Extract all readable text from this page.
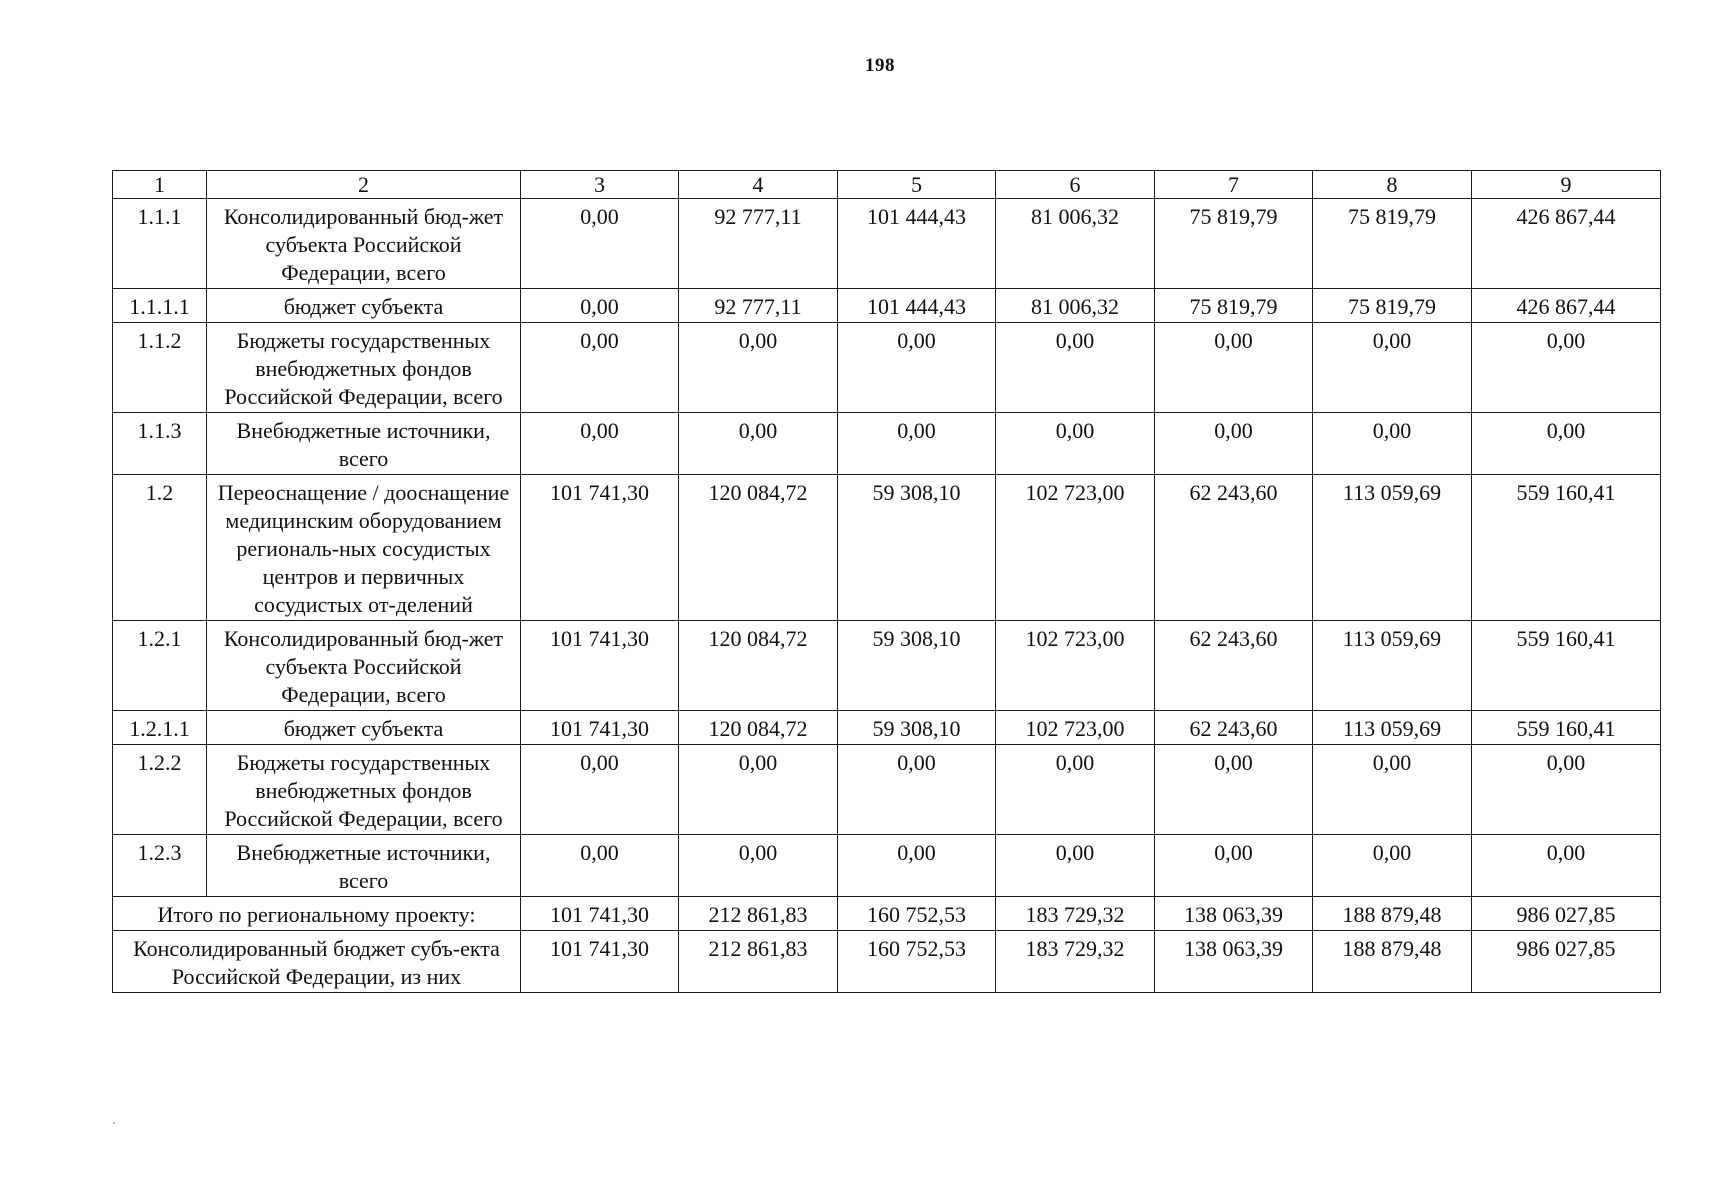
198
1	2	3	4	5	6	7	8	9
1.1.1	Консолидированный бюд-жет субъекта Российской Федерации, всего	0,00	92 777,11	101 444,43	81 006,32	75 819,79	75 819,79	426 867,44
1.1.1.1	бюджет субъекта	0,00	92 777,11	101 444,43	81 006,32	75 819,79	75 819,79	426 867,44
1.1.2	Бюджеты государственных внебюджетных фондов Российской Федерации, всего	0,00	0,00	0,00	0,00	0,00	0,00	0,00
1.1.3	Внебюджетные источники, всего	0,00	0,00	0,00	0,00	0,00	0,00	0,00
1.2	Переоснащение / дооснащение медицинским оборудованием региональ-ных сосудистых центров и первичных сосудистых от-делений	101 741,30	120 084,72	59 308,10	102 723,00	62 243,60	113 059,69	559 160,41
1.2.1	Консолидированный бюд-жет субъекта Российской Федерации, всего	101 741,30	120 084,72	59 308,10	102 723,00	62 243,60	113 059,69	559 160,41
1.2.1.1	бюджет субъекта	101 741,30	120 084,72	59 308,10	102 723,00	62 243,60	113 059,69	559 160,41
1.2.2	Бюджеты государственных внебюджетных фондов Российской Федерации, всего	0,00	0,00	0,00	0,00	0,00	0,00	0,00
1.2.3	Внебюджетные источники, всего	0,00	0,00	0,00	0,00	0,00	0,00	0,00
Итого по региональному проекту:		101 741,30	212 861,83	160 752,53	183 729,32	138 063,39	188 879,48	986 027,85
Консолидированный бюджет субъ-екта Российской Федерации, из них		101 741,30	212 861,83	160 752,53	183 729,32	138 063,39	188 879,48	986 027,85
